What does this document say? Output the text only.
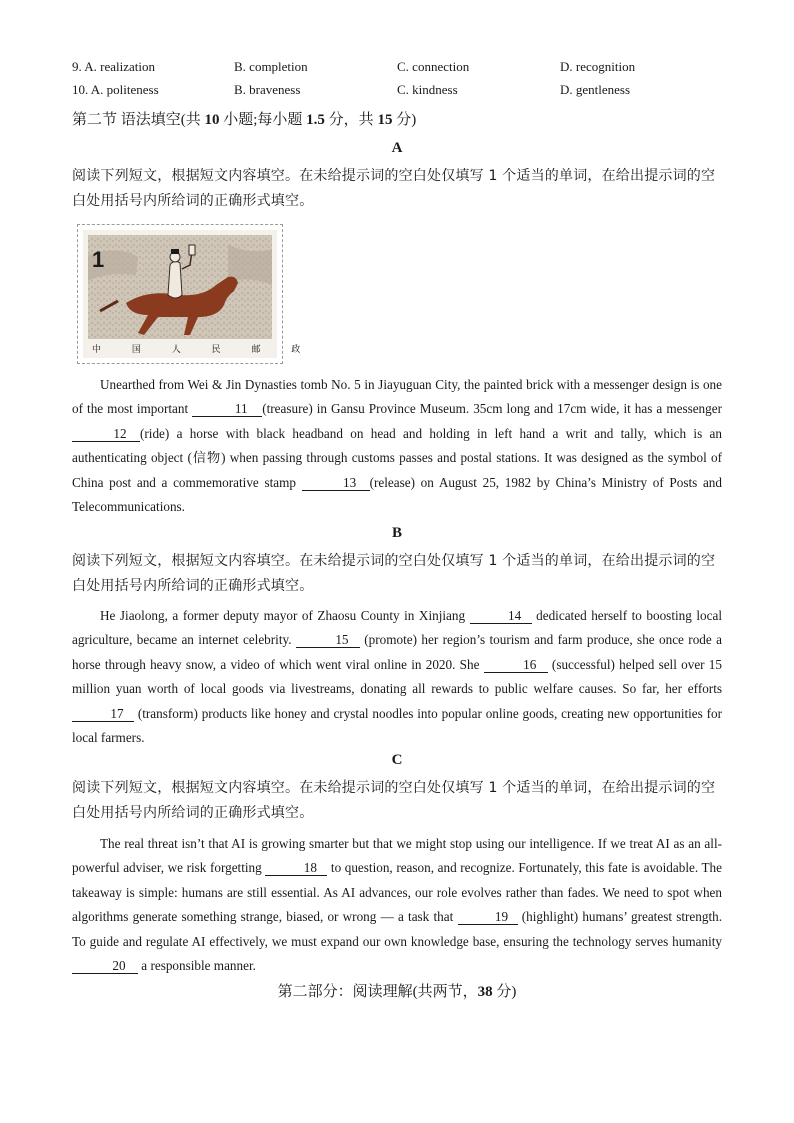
9. A. realization	B. completion	C. connection	D. recognition
10. A. politeness	B. braveness	C. kindness	D. gentleness
第二节 语法填空(共 10 小题;每小题 1.5 分，共 15 分)
A
阅读下列短文，根据短文内容填空。在未给提示词的空白处仅填写 1 个适当的单词，在给出提示词的空白处用括号内所给词的正确形式填空。
1
中 国 人 民 邮 政
Unearthed from Wei & Jin Dynasties tomb No. 5 in Jiayuguan City, the painted brick with a messenger design is one of the most important	11 (treasure) in Gansu Province Museum. 35cm long and 17cm wide, it has a messenger 12 (ride) a horse with black headband on head and holding in left hand a writ and tally, which is an authenticating object (信物) when passing through customs passes and postal stations. It was designed as the symbol of China post and a commemorative stamp	13 (release) on August 25, 1982 by China’s Ministry of Posts and Telecommunications.
B
阅读下列短文，根据短文内容填空。在未给提示词的空白处仅填写 1 个适当的单词，在给出提示词的空白处用括号内所给词的正确形式填空。
He Jiaolong, a former deputy mayor of Zhaosu County in Xinjiang	14 dedicated herself to boosting local agriculture, became an internet celebrity.	15 (promote) her region’s tourism and farm produce, she once rode a horse through heavy snow, a video of which went viral online in 2020. She	16 (successful) helped sell over 15 million yuan worth of local goods via livestreams, donating all rewards to public welfare causes. So far, her efforts 17 (transform) products like honey and crystal noodles into popular online goods, creating new opportunities for local farmers.
C
阅读下列短文，根据短文内容填空。在未给提示词的空白处仅填写 1 个适当的单词，在给出提示词的空白处用括号内所给词的正确形式填空。
The real threat isn’t that AI is growing smarter but that we might stop using our intelligence. If we treat AI as an all-powerful adviser, we risk forgetting	18 to question, reason, and recognize. Fortunately, this fate is avoidable. The takeaway is simple: humans are still essential. As AI advances, our role evolves rather than fades. We need to spot when algorithms generate something strange, biased, or wrong — a task that	19 (highlight) humans’ greatest strength. To guide and regulate AI effectively, we must expand our own knowledge base, ensuring the technology serves humanity 20 a responsible manner.
第二部分：阅读理解(共两节，38 分)
